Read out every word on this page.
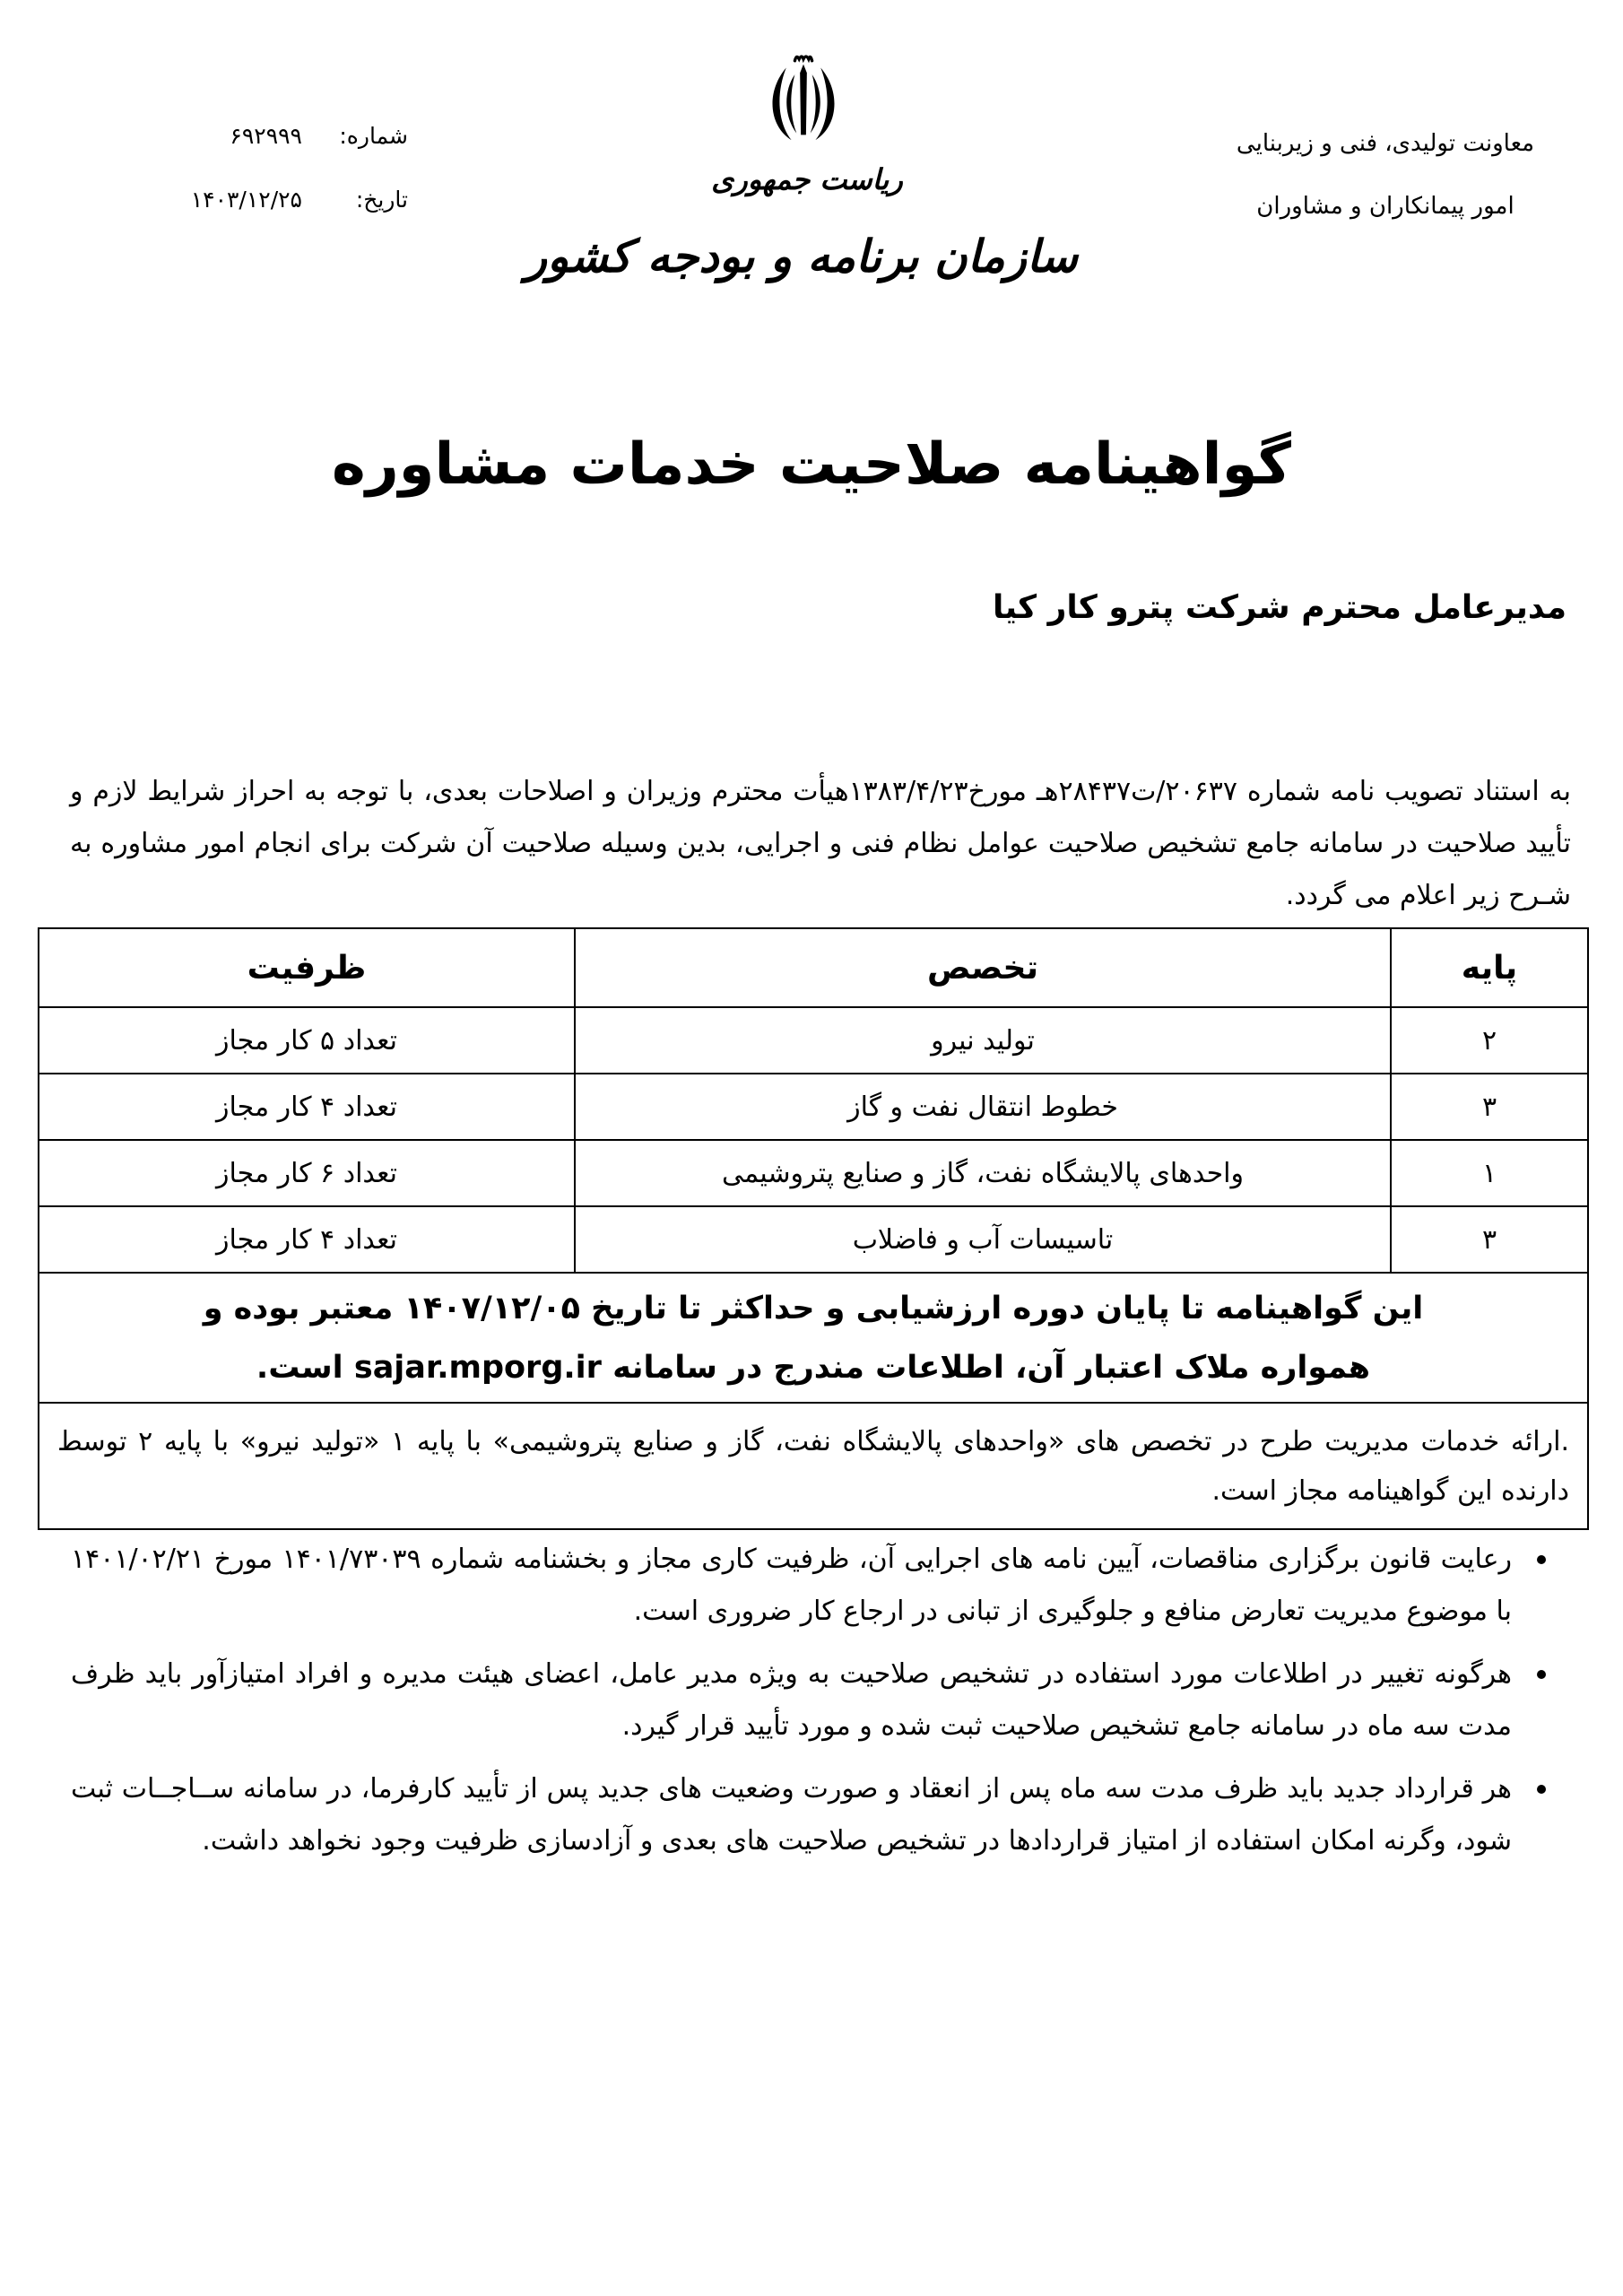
معاونت تولیدی، فنی و زیربنایی
امور پیمانکاران و مشاوران
ریاست جمهوری
سازمان برنامه و بودجه کشور
شماره:
۶۹۲۹۹۹
تاریخ:
۱۴۰۳/۱۲/۲۵
گواهینامه صلاحیت خدمات مشاوره
مدیرعامل محترم شرکت پترو کار کیا

به استناد تصویب نامه شماره ۲۰۶۳۷/ت۲۸۴۳۷هـ مورخ۱۳۸۳/۴/۲۳هیأت محترم وزیران و اصلاحات بعدی، با توجه به احراز شرایط لازم و تأیید صلاحیت در سامانه جامع تشخیص صلاحیت عوامل نظام فنی و اجرایی، بدین وسیله صلاحیت آن شرکت برای انجام امور مشاوره به شـرح زیر اعلام می گردد.

پایه	تخصص	ظرفیت
۲	تولید نیرو	تعداد ۵ کار مجاز
۳	خطوط انتقال نفت و گاز	تعداد ۴ کار مجاز
۱	واحدهای پالایشگاه نفت، گاز و صنایع پتروشیمی	تعداد ۶ کار مجاز
۳	تاسیسات آب و فاضلاب	تعداد ۴ کار مجاز

این گواهینامه تا پایان دوره ارزشیابی و حداکثر تا تاریخ ۱۴۰۷/۱۲/۰۵ معتبر بوده و
همواره ملاک اعتبار آن، اطلاعات مندرج در سامانه sajar.mporg.ir است.		

.ارائه خدمات مدیریت طرح در تخصص های «واحدهای پالایشگاه نفت، گاز و صنایع پتروشیمی» با پایه ۱ «تولید نیرو» با پایه ۲ توسط دارنده این گواهینامه مجاز است.		
رعایت قانون برگزاری مناقصات، آیین نامه های اجرایی آن، ظرفیت کاری مجاز و بخشنامه شماره ۱۴۰۱/۷۳۰۳۹ مورخ ۱۴۰۱/۰۲/۲۱ با موضوع مدیریت تعارض منافع و جلوگیری از تبانی در ارجاع کار ضروری است.
هرگونه تغییر در اطلاعات مورد استفاده در تشخیص صلاحیت به ویژه مدیر عامل، اعضای هیئت مدیره و افراد امتیازآور باید ظرف مدت سه ماه در سامانه جامع تشخیص صلاحیت ثبت شده و مورد تأیید قرار گیرد.
هر قرارداد جدید باید ظرف مدت سه ماه پس از انعقاد و صورت وضعیت های جدید پس از تأیید کارفرما، در سامانه ســاجــات ثبت شود، وگرنه امکان استفاده از امتیاز قراردادها در تشخیص صلاحیت های بعدی و آزادسازی ظرفیت وجود نخواهد داشت.
